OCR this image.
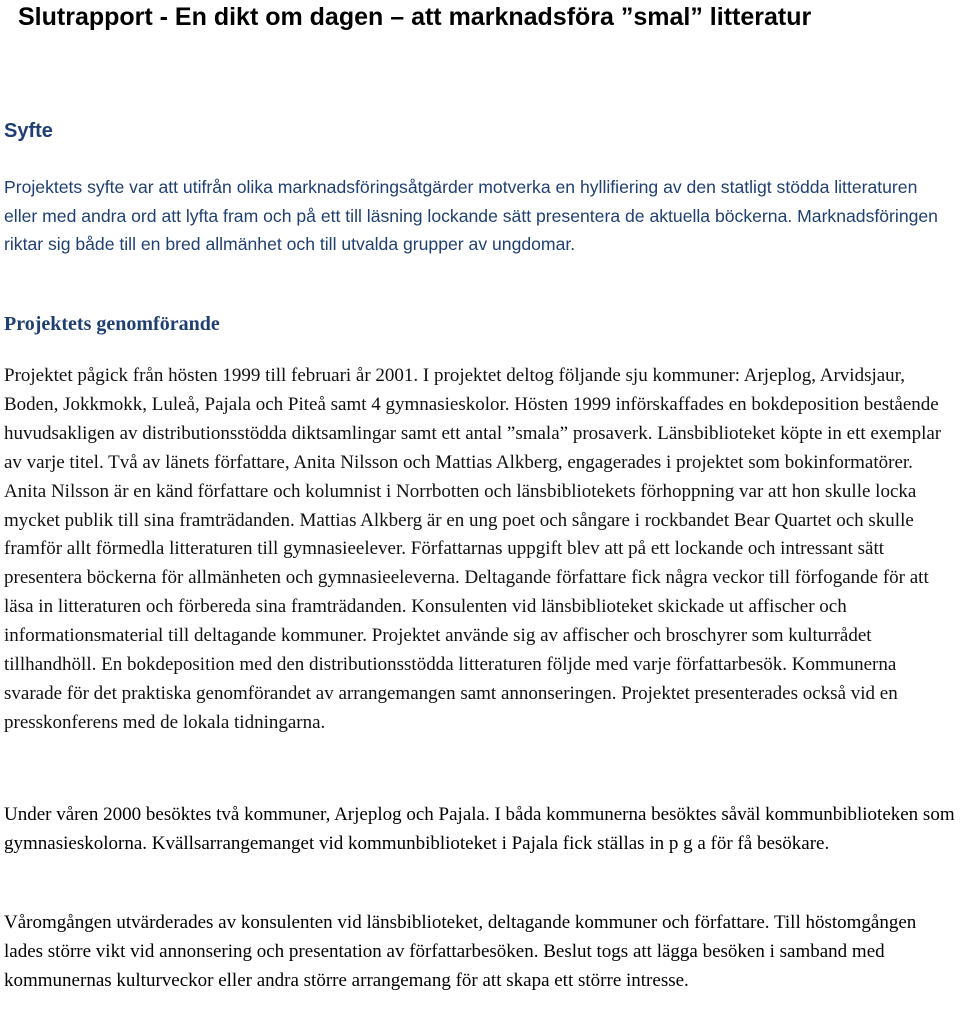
Slutrapport - En dikt om dagen – att marknadsföra ”smal” litteratur
Syfte

Projektets syfte var att utifrån olika marknadsföringsåtgärder motverka en hyllifiering av den statligt stödda litteraturen eller med andra ord att lyfta fram och på ett till läsning lockande sätt presentera de aktuella böckerna. Marknadsföringen riktar sig både till en bred allmänhet och till utvalda grupper av ungdomar.

Projektets genomförande

Projektet pågick från hösten 1999 till februari år 2001. I projektet deltog följande sju kommuner: Arjeplog, Arvidsjaur, Boden, Jokkmokk, Luleå, Pajala och Piteå samt 4 gymnasieskolor. Hösten 1999 införskaffades en bokdeposition bestående huvudsakligen av distributionsstödda diktsamlingar samt ett antal ”smala” prosaverk. Länsbiblioteket köpte in ett exemplar av varje titel. Två av länets författare, Anita Nilsson och Mattias Alkberg, engagerades i projektet som bokinformatörer. Anita Nilsson är en känd författare och kolumnist i Norrbotten och länsbibliotekets förhoppning var att hon skulle locka mycket publik till sina framträdanden. Mattias Alkberg är en ung poet och sångare i rockbandet Bear Quartet och skulle framför allt förmedla litteraturen till gymnasieelever. Författarnas uppgift blev att på ett lockande och intressant sätt presentera böckerna för allmänheten och gymnasieeleverna. Deltagande författare fick några veckor till förfogande för att läsa in litteraturen och förbereda sina framträdanden. Konsulenten vid länsbiblioteket skickade ut affischer och informationsmaterial till deltagande kommuner. Projektet använde sig av affischer och broschyrer som kulturrådet tillhandhöll. En bokdeposition med den distributionsstödda litteraturen följde med varje författarbesök. Kommunerna svarade för det praktiska genomförandet av arrangemangen samt annonseringen. Projektet presenterades också vid en presskonferens med de lokala tidningarna.

Under våren 2000 besöktes två kommuner, Arjeplog och Pajala. I båda kommunerna besöktes såväl kommunbiblioteken som gymnasieskolorna. Kvällsarrangemanget vid kommunbiblioteket i Pajala fick ställas in p g a för få besökare.

Våromgången utvärderades av konsulenten vid länsbiblioteket, deltagande kommuner och författare. Till höstomgången lades större vikt vid annonsering och presentation av författarbesöken. Beslut togs att lägga besöken i samband med kommunernas kulturveckor eller andra större arrangemang för att skapa ett större intresse.
